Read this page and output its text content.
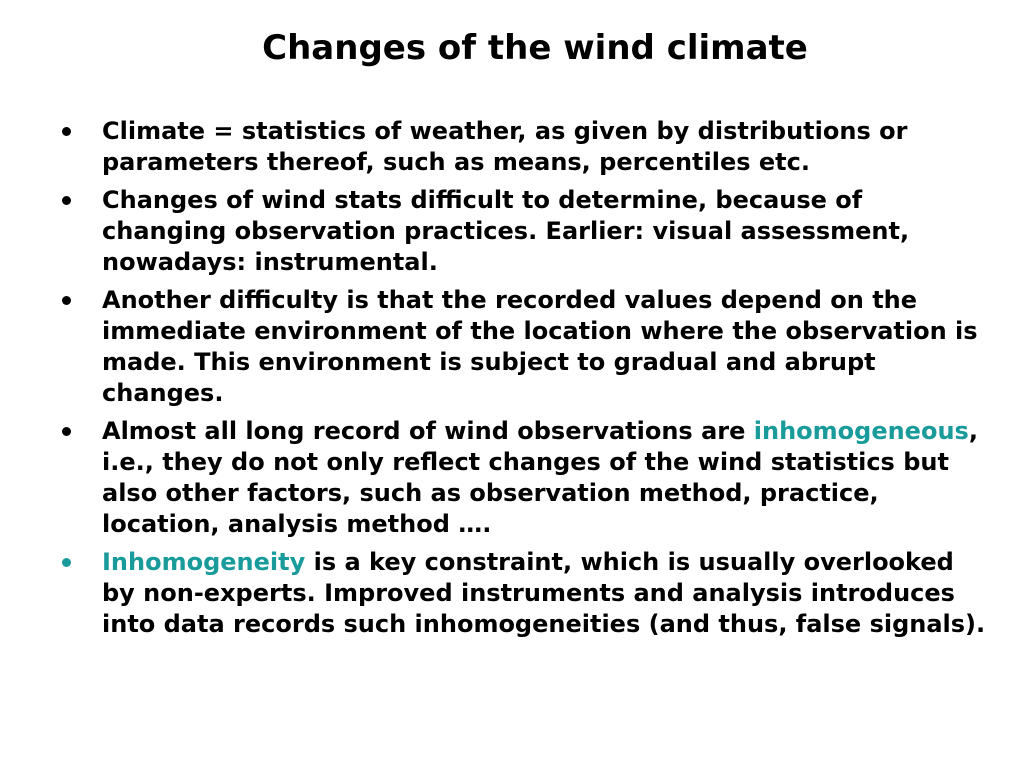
Changes of the wind climate
Climate = statistics of weather, as given by distributions or parameters thereof, such as means, percentiles etc.
Changes of wind stats difficult to determine, because of changing observation practices. Earlier: visual assessment, nowadays: instrumental.
Another difficulty is that the recorded values depend on the immediate environment of the location where the observation is made. This environment is subject to gradual and abrupt changes.
Almost all long record of wind observations are inhomogeneous, i.e., they do not only reflect changes of the wind statistics but also other factors, such as observation method, practice, location, analysis method ….
Inhomogeneity is a key constraint, which is usually overlooked by non-experts. Improved instruments and analysis introduces into data records such inhomogeneities (and thus, false signals).
